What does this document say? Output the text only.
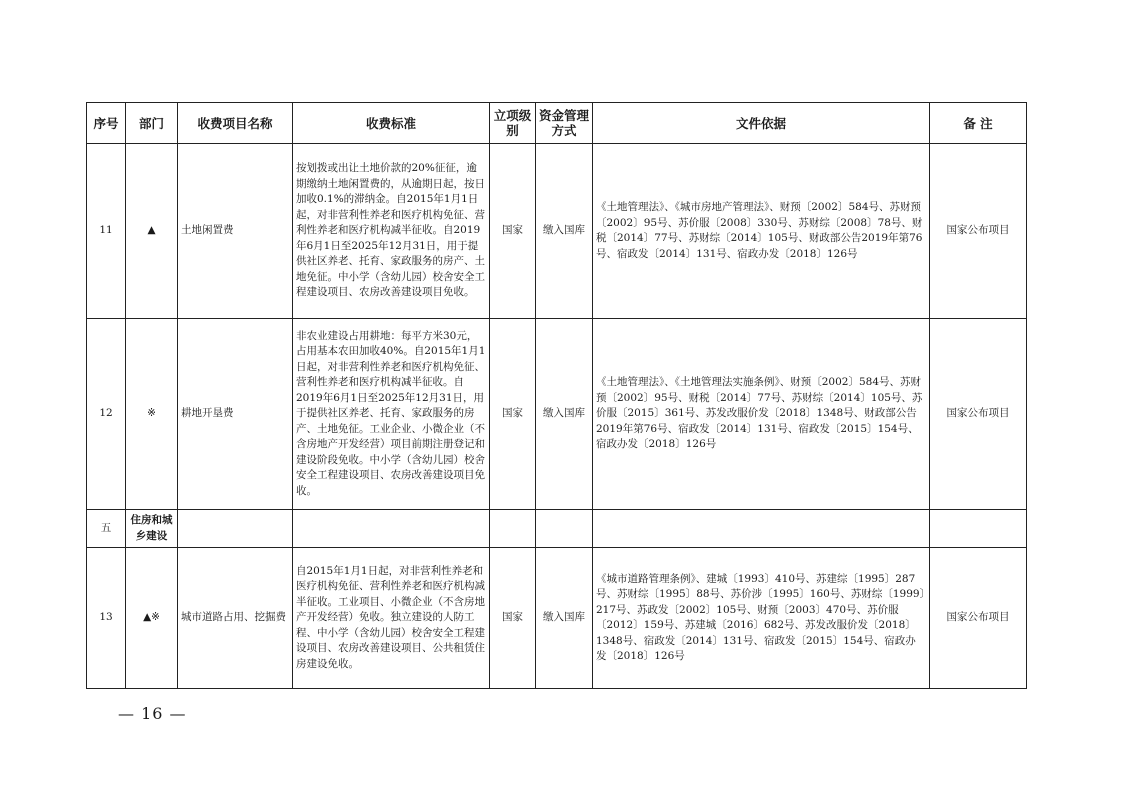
序号	部门	收费项目名称	收费标准	立项级别	资金管理方式	文件依据	备 注
11	▲	土地闲置费	按划拨或出让土地价款的20%征征，逾期缴纳土地闲置费的，从逾期日起，按日加收0.1%的滞纳金。自2015年1月1日起，对非营利性养老和医疗机构免征、营利性养老和医疗机构减半征收。自2019年6月1日至2025年12月31日，用于提供社区养老、托育、家政服务的房产、土地免征。中小学（含幼儿园）校舍安全工程建设项目、农房改善建设项目免收。	国家	缴入国库	《土地管理法》、《城市房地产管理法》、财预〔2002〕584号、苏财预〔2002〕95号、苏价服〔2008〕330号、苏财综〔2008〕78号、财税〔2014〕77号、苏财综〔2014〕105号、财政部公告2019年第76号、宿政发〔2014〕131号、宿政办发〔2018〕126号	国家公布项目
12	※	耕地开垦费	非农业建设占用耕地：每平方米30元，占用基本农田加收40%。自2015年1月1日起，对非营利性养老和医疗机构免征、营利性养老和医疗机构减半征收。自2019年6月1日至2025年12月31日，用于提供社区养老、托育、家政服务的房产、土地免征。工业企业、小微企业（不含房地产开发经营）项目前期注册登记和建设阶段免收。中小学（含幼儿园）校舍安全工程建设项目、农房改善建设项目免收。	国家	缴入国库	《土地管理法》、《土地管理法实施条例》、财预〔2002〕584号、苏财预〔2002〕95号、财税〔2014〕77号、苏财综〔2014〕105号、苏价服〔2015〕361号、苏发改服价发〔2018〕1348号、财政部公告2019年第76号、宿政发〔2014〕131号、宿政发〔2015〕154号、宿政办发〔2018〕126号	国家公布项目
五	住房和城乡建设						
13	▲※	城市道路占用、挖掘费	自2015年1月1日起，对非营利性养老和医疗机构免征、营利性养老和医疗机构减半征收。工业项目、小微企业（不含房地产开发经营）免收。独立建设的人防工程、中小学（含幼儿园）校舍安全工程建设项目、农房改善建设项目、公共租赁住房建设免收。	国家	缴入国库	《城市道路管理条例》、建城〔1993〕410号、苏建综〔1995〕287号、苏财综〔1995〕88号、苏价涉〔1995〕160号、苏财综〔1999〕217号、苏政发〔2002〕105号、财预〔2003〕470号、苏价服〔2012〕159号、苏建城〔2016〕682号、苏发改服价发〔2018〕1348号、宿政发〔2014〕131号、宿政发〔2015〕154号、宿政办发〔2018〕126号	国家公布项目
— 16 —
